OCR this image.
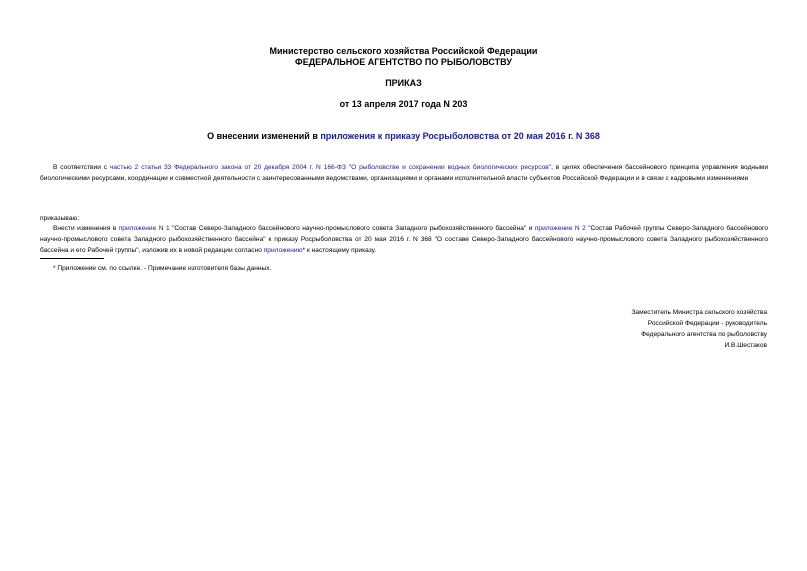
Министерство сельского хозяйства Российской Федерации
ФЕДЕРАЛЬНОЕ АГЕНТСТВО ПО РЫБОЛОВСТВУ
ПРИКАЗ
от 13 апреля 2017 года N 203
О внесении изменений в приложения к приказу Росрыболовства от 20 мая 2016 г. N 368
В соответствии с частью 2 статьи 33 Федерального закона от 20 декабря 2004 г. N 166-ФЗ "О рыболовстве и сохранении водных биологических ресурсов", в целях обеспечения бассейнового принципа управления водными биологическими ресурсами, координации и совместной деятельности с заинтересованными ведомствами, организациями и органами исполнительной власти субъектов Российской Федерации и в связи с кадровыми изменениями
приказываю:
Внести изменения в приложение N 1 "Состав Северо-Западного бассейнового научно-промыслового совета Западного рыбохозяйственного бассейна" и приложение N 2 "Состав Рабочей группы Северо-Западного бассейнового научно-промыслового совета Западного рыбохозяйственного бассейна" к приказу Росрыболовства от 20 мая 2016 г. N 368 "О составе Северо-Западного бассейнового научно-промыслового совета Западного рыбохозяйственного бассейна и его Рабочей группы", изложив их в новой редакции согласно приложению* к настоящему приказу.
* Приложение см. по ссылке. - Примечание изготовителя базы данных.
Заместитель Министра сельского хозяйства
Российской Федерации - руководитель
Федерального агентства по рыболовству
И.В.Шестаков
